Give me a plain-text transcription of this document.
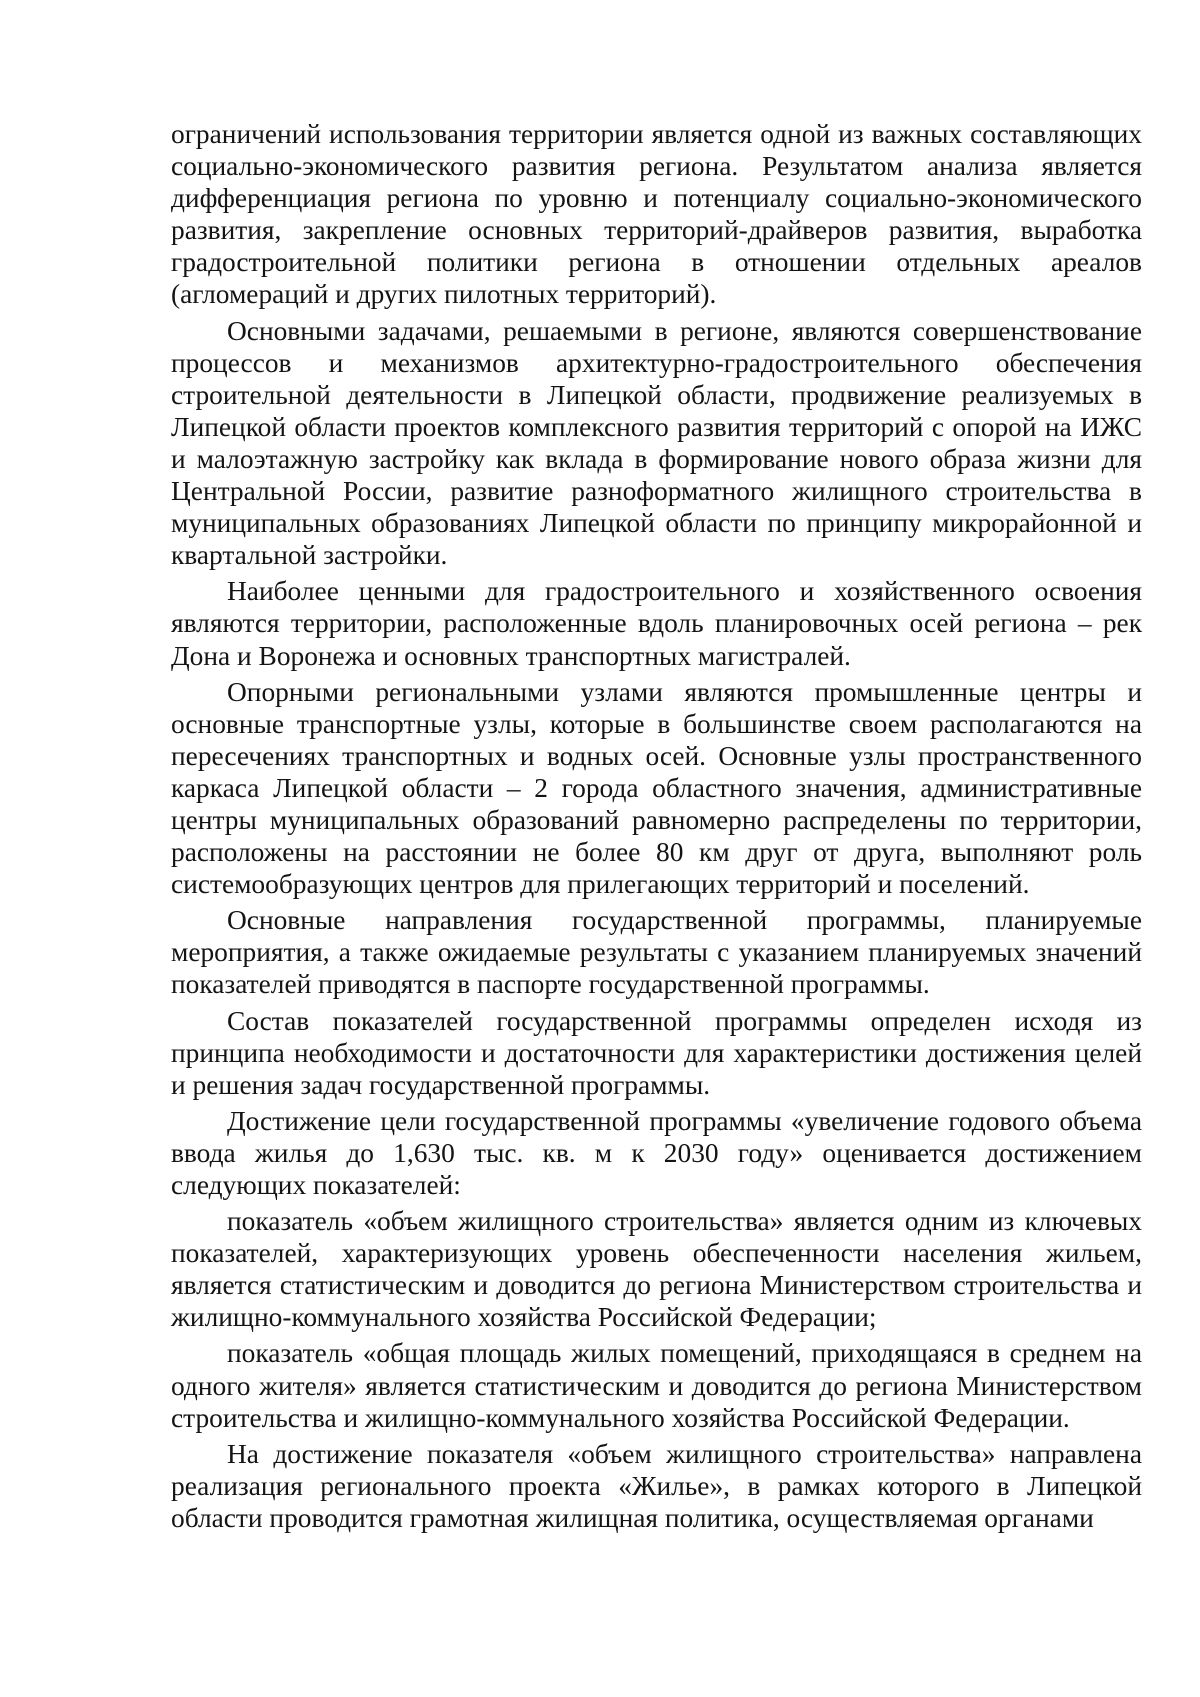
ограничений использования территории является одной из важных составляющих социально-экономического развития региона. Результатом анализа является дифференциация региона по уровню и потенциалу социально-экономического развития, закрепление основных территорий-драйверов развития, выработка градостроительной политики региона в отношении отдельных ареалов (агломераций и других пилотных территорий).

Основными задачами, решаемыми в регионе, являются совершенствование процессов и механизмов архитектурно-градостроительного обеспечения строительной деятельности в Липецкой области, продвижение реализуемых в Липецкой области проектов комплексного развития территорий с опорой на ИЖС и малоэтажную застройку как вклада в формирование нового образа жизни для Центральной России, развитие разноформатного жилищного строительства в муниципальных образованиях Липецкой области по принципу микрорайонной и квартальной застройки.

Наиболее ценными для градостроительного и хозяйственного освоения являются территории, расположенные вдоль планировочных осей региона – рек Дона и Воронежа и основных транспортных магистралей.

Опорными региональными узлами являются промышленные центры и основные транспортные узлы, которые в большинстве своем располагаются на пересечениях транспортных и водных осей. Основные узлы пространственного каркаса Липецкой области – 2 города областного значения, административные центры муниципальных образований равномерно распределены по территории, расположены на расстоянии не более 80 км друг от друга, выполняют роль системообразующих центров для прилегающих территорий и поселений.

Основные направления государственной программы, планируемые мероприятия, а также ожидаемые результаты с указанием планируемых значений показателей приводятся в паспорте государственной программы.

Состав показателей государственной программы определен исходя из принципа необходимости и достаточности для характеристики достижения целей и решения задач государственной программы.

Достижение цели государственной программы «увеличение годового объема ввода жилья до 1,630 тыс. кв. м к 2030 году» оценивается достижением следующих показателей:

показатель «объем жилищного строительства» является одним из ключевых показателей, характеризующих уровень обеспеченности населения жильем, является статистическим и доводится до региона Министерством строительства и жилищно-коммунального хозяйства Российской Федерации;

показатель «общая площадь жилых помещений, приходящаяся в среднем на одного жителя» является статистическим и доводится до региона Министерством строительства и жилищно-коммунального хозяйства Российской Федерации.

На достижение показателя «объем жилищного строительства» направлена реализация регионального проекта «Жилье», в рамках которого в Липецкой области проводится грамотная жилищная политика, осуществляемая органами
